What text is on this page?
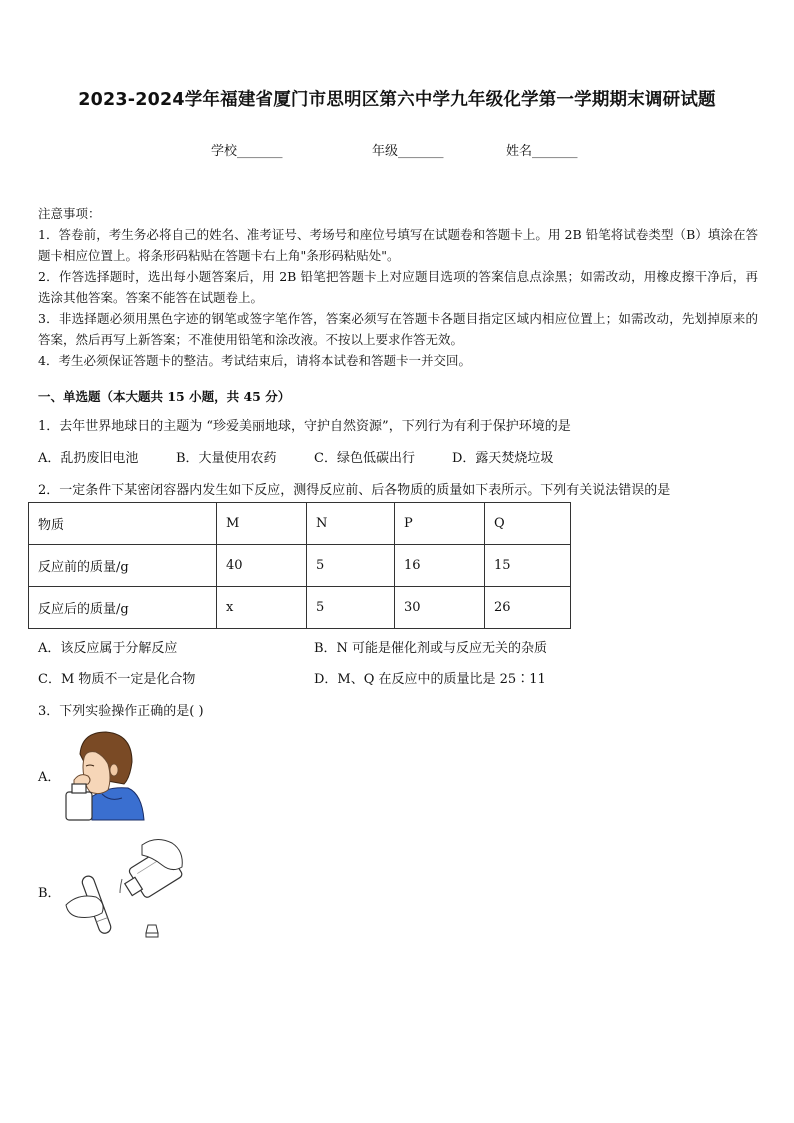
2023-2024学年福建省厦门市思明区第六中学九年级化学第一学期期末调研试题
学校_______	年级_______	姓名_______

注意事项：

1．答卷前，考生务必将自己的姓名、准考证号、考场号和座位号填写在试题卷和答题卡上。用 2B 铅笔将试卷类型（B）填涂在答题卡相应位置上。将条形码粘贴在答题卡右上角"条形码粘贴处"。

2．作答选择题时，选出每小题答案后，用 2B 铅笔把答题卡上对应题目选项的答案信息点涂黑；如需改动，用橡皮擦干净后，再选涂其他答案。答案不能答在试题卷上。

3．非选择题必须用黑色字迹的钢笔或签字笔作答，答案必须写在答题卡各题目指定区域内相应位置上；如需改动，先划掉原来的答案，然后再写上新答案；不准使用铅笔和涂改液。不按以上要求作答无效。

4．考生必须保证答题卡的整洁。考试结束后，请将本试卷和答题卡一并交回。

一、单选题（本大题共 15 小题，共 45 分）
1．去年世界地球日的主题为 “珍爱美丽地球，守护自然资源”，下列行为有利于保护环境的是
A．乱扔废旧电池	B．大量使用农药	C．绿色低碳出行	D．露天焚烧垃圾
2．一定条件下某密闭容器内发生如下反应，测得反应前、后各物质的质量如下表所示。下列有关说法错误的是
物质	M	N	P	Q
反应前的质量/g	40	5	16	15
反应后的质量/g	x	5	30	26
A．该反应属于分解反应	B．N 可能是催化剂或与反应无关的杂质
C．M 物质不一定是化合物	D．M、Q 在反应中的质量比是 25∶11
3．下列实验操作正确的是( )
A．
B．
